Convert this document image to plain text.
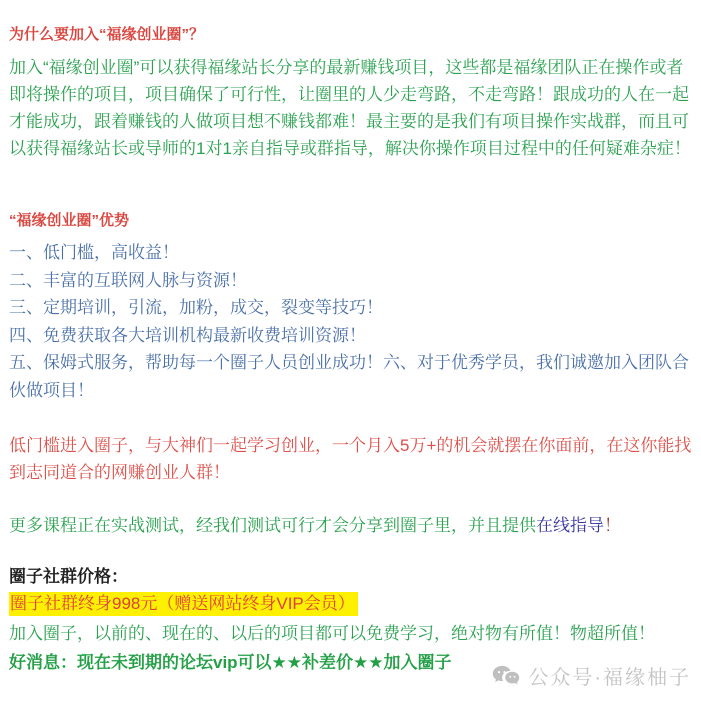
为什么要加入“福缘创业圈”？

加入“福缘创业圈”可以获得福缘站长分享的最新赚钱项目，这些都是福缘团队正在操作或者即将操作的项目，项目确保了可行性，让圈里的人少走弯路，不走弯路！跟成功的人在一起才能成功，跟着赚钱的人做项目想不赚钱都难！最主要的是我们有项目操作实战群，而且可以获得福缘站长或导师的1对1亲自指导或群指导，解决你操作项目过程中的任何疑难杂症！

“福缘创业圈”优势

一、低门槛，高收益！

二、丰富的互联网人脉与资源！

三、定期培训，引流，加粉，成交，裂变等技巧！

四、免费获取各大培训机构最新收费培训资源！

五、保姆式服务，帮助每一个圈子人员创业成功！六、对于优秀学员，我们诚邀加入团队合伙做项目！

低门槛进入圈子，与大神们一起学习创业，一个月入5万+的机会就摆在你面前，在这你能找到志同道合的网赚创业人群！

更多课程正在实战测试，经我们测试可行才会分享到圈子里，并且提供在线指导！

圈子社群价格：

圈子社群终身998元（赠送网站终身VIP会员）

加入圈子，以前的、现在的、以后的项目都可以免费学习，绝对物有所值！物超所值！

好消息：现在未到期的论坛vip可以★★补差价★★加入圈子

公众号·福缘柚子
